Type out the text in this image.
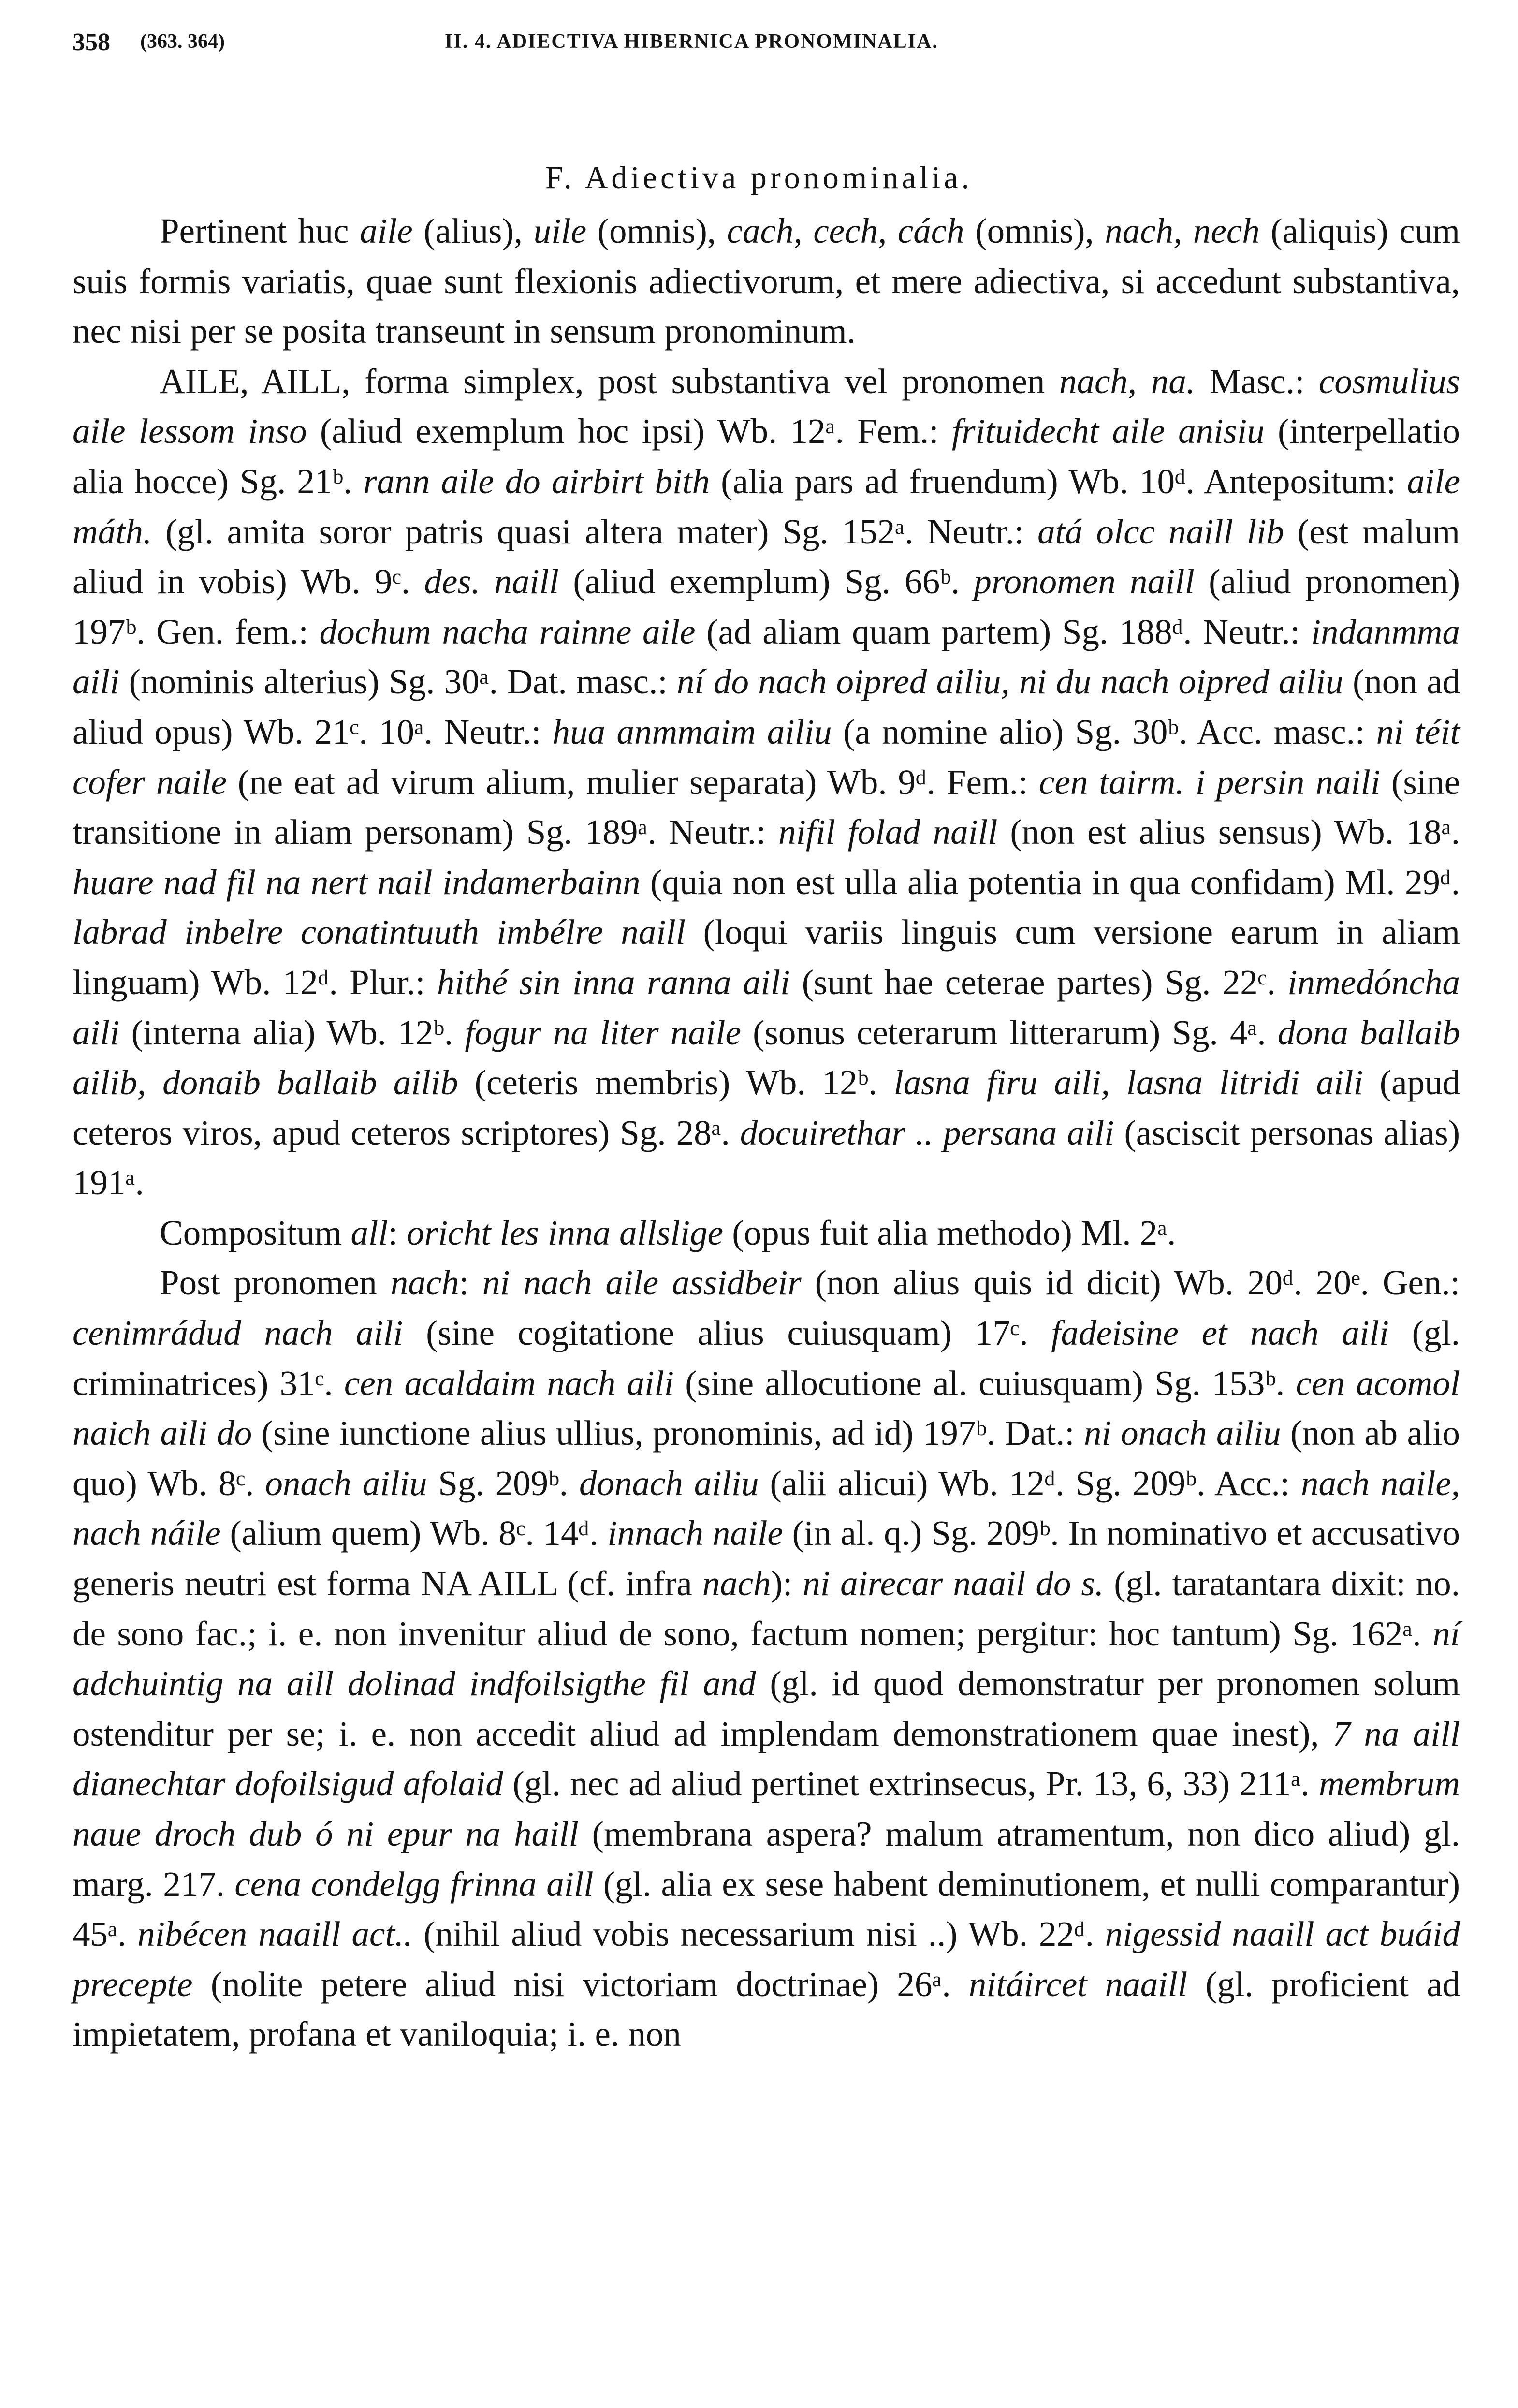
358 (363. 364)	II. 4. ADIECTIVA HIBERNICA PRONOMINALIA.
F. Adiectiva pronominalia.

Pertinent huc aile (alius), uile (omnis), cach, cech, cách (omnis), nach, nech (aliquis) cum suis formis variatis, quae sunt flexionis adiectivorum, et mere adiectiva, si accedunt substantiva, nec nisi per se posita transeunt in sensum pronominum.

AILE, AILL, forma simplex, post substantiva vel pronomen nach, na. Masc.: cosmulius aile lessom inso (aliud exemplum hoc ipsi) Wb. 12ᵃ. Fem.: frituidecht aile anisiu (interpellatio alia hocce) Sg. 21ᵇ. rann aile do airbirt bith (alia pars ad fruendum) Wb. 10ᵈ. Antepositum: aile máth. (gl. amita soror patris quasi altera mater) Sg. 152ᵃ. Neutr.: atá olcc naill lib (est malum aliud in vobis) Wb. 9ᶜ. des. naill (aliud exemplum) Sg. 66ᵇ. pronomen naill (aliud pronomen) 197ᵇ. Gen. fem.: dochum nacha rainne aile (ad aliam quam partem) Sg. 188ᵈ. Neutr.: indanmma aili (nominis alterius) Sg. 30ᵃ. Dat. masc.: ní do nach oipred ailiu, ni du nach oipred ailiu (non ad aliud opus) Wb. 21ᶜ. 10ᵃ. Neutr.: hua anmmaim ailiu (a nomine alio) Sg. 30ᵇ. Acc. masc.: ni téit cofer naile (ne eat ad virum alium, mulier separata) Wb. 9ᵈ. Fem.: cen tairm. i persin naili (sine transitione in aliam personam) Sg. 189ᵃ. Neutr.: nifil folad naill (non est alius sensus) Wb. 18ᵃ. huare nad fil na nert nail indamerbainn (quia non est ulla alia potentia in qua confidam) Ml. 29ᵈ. labrad inbelre conatintuuth imbélre naill (loqui variis linguis cum versione earum in aliam linguam) Wb. 12ᵈ. Plur.: hithé sin inna ranna aili (sunt hae ceterae partes) Sg. 22ᶜ. inmedóncha aili (interna alia) Wb. 12ᵇ. fogur na liter naile (sonus ceterarum litterarum) Sg. 4ᵃ. dona ballaib ailib, donaib ballaib ailib (ceteris membris) Wb. 12ᵇ. lasna firu aili, lasna litridi aili (apud ceteros viros, apud ceteros scriptores) Sg. 28ᵃ. docuirethar .. persana aili (asciscit personas alias) 191ᵃ.

Compositum all: oricht les inna allslige (opus fuit alia methodo) Ml. 2ᵃ.

Post pronomen nach: ni nach aile assidbeir (non alius quis id dicit) Wb. 20ᵈ. 20ᵉ. Gen.: cenimrádud nach aili (sine cogitatione alius cuiusquam) 17ᶜ. fadeisine et nach aili (gl. criminatrices) 31ᶜ. cen acaldaim nach aili (sine allocutione al. cuiusquam) Sg. 153ᵇ. cen acomol naich aili do (sine iunctione alius ullius, pronominis, ad id) 197ᵇ. Dat.: ni onach ailiu (non ab alio quo) Wb. 8ᶜ. onach ailiu Sg. 209ᵇ. donach ailiu (alii alicui) Wb. 12ᵈ. Sg. 209ᵇ. Acc.: nach naile, nach náile (alium quem) Wb. 8ᶜ. 14ᵈ. innach naile (in al. q.) Sg. 209ᵇ. In nominativo et accusativo generis neutri est forma NA AILL (cf. infra nach): ni airecar naail do s. (gl. taratantara dixit: no. de sono fac.; i. e. non invenitur aliud de sono, factum nomen; pergitur: hoc tantum) Sg. 162ᵃ. ní adchuintig na aill dolinad indfoilsigthe fil and (gl. id quod demonstratur per pronomen solum ostenditur per se; i. e. non accedit aliud ad implendam demonstrationem quae inest), 7 na aill dianechtar dofoilsigud afolaid (gl. nec ad aliud pertinet extrinsecus, Pr. 13, 6, 33) 211ᵃ. membrum naue droch dub ó ni epur na haill (membrana aspera? malum atramentum, non dico aliud) gl. marg. 217. cena condelgg frinna aill (gl. alia ex sese habent deminutionem, et nulli comparantur) 45ᵃ. nibécen naaill act.. (nihil aliud vobis necessarium nisi ..) Wb. 22ᵈ. nigessid naaill act buáid precepte (nolite petere aliud nisi victoriam doctrinae) 26ᵃ. nitáircet naaill (gl. proficient ad impietatem, profana et vaniloquia; i. e. non
